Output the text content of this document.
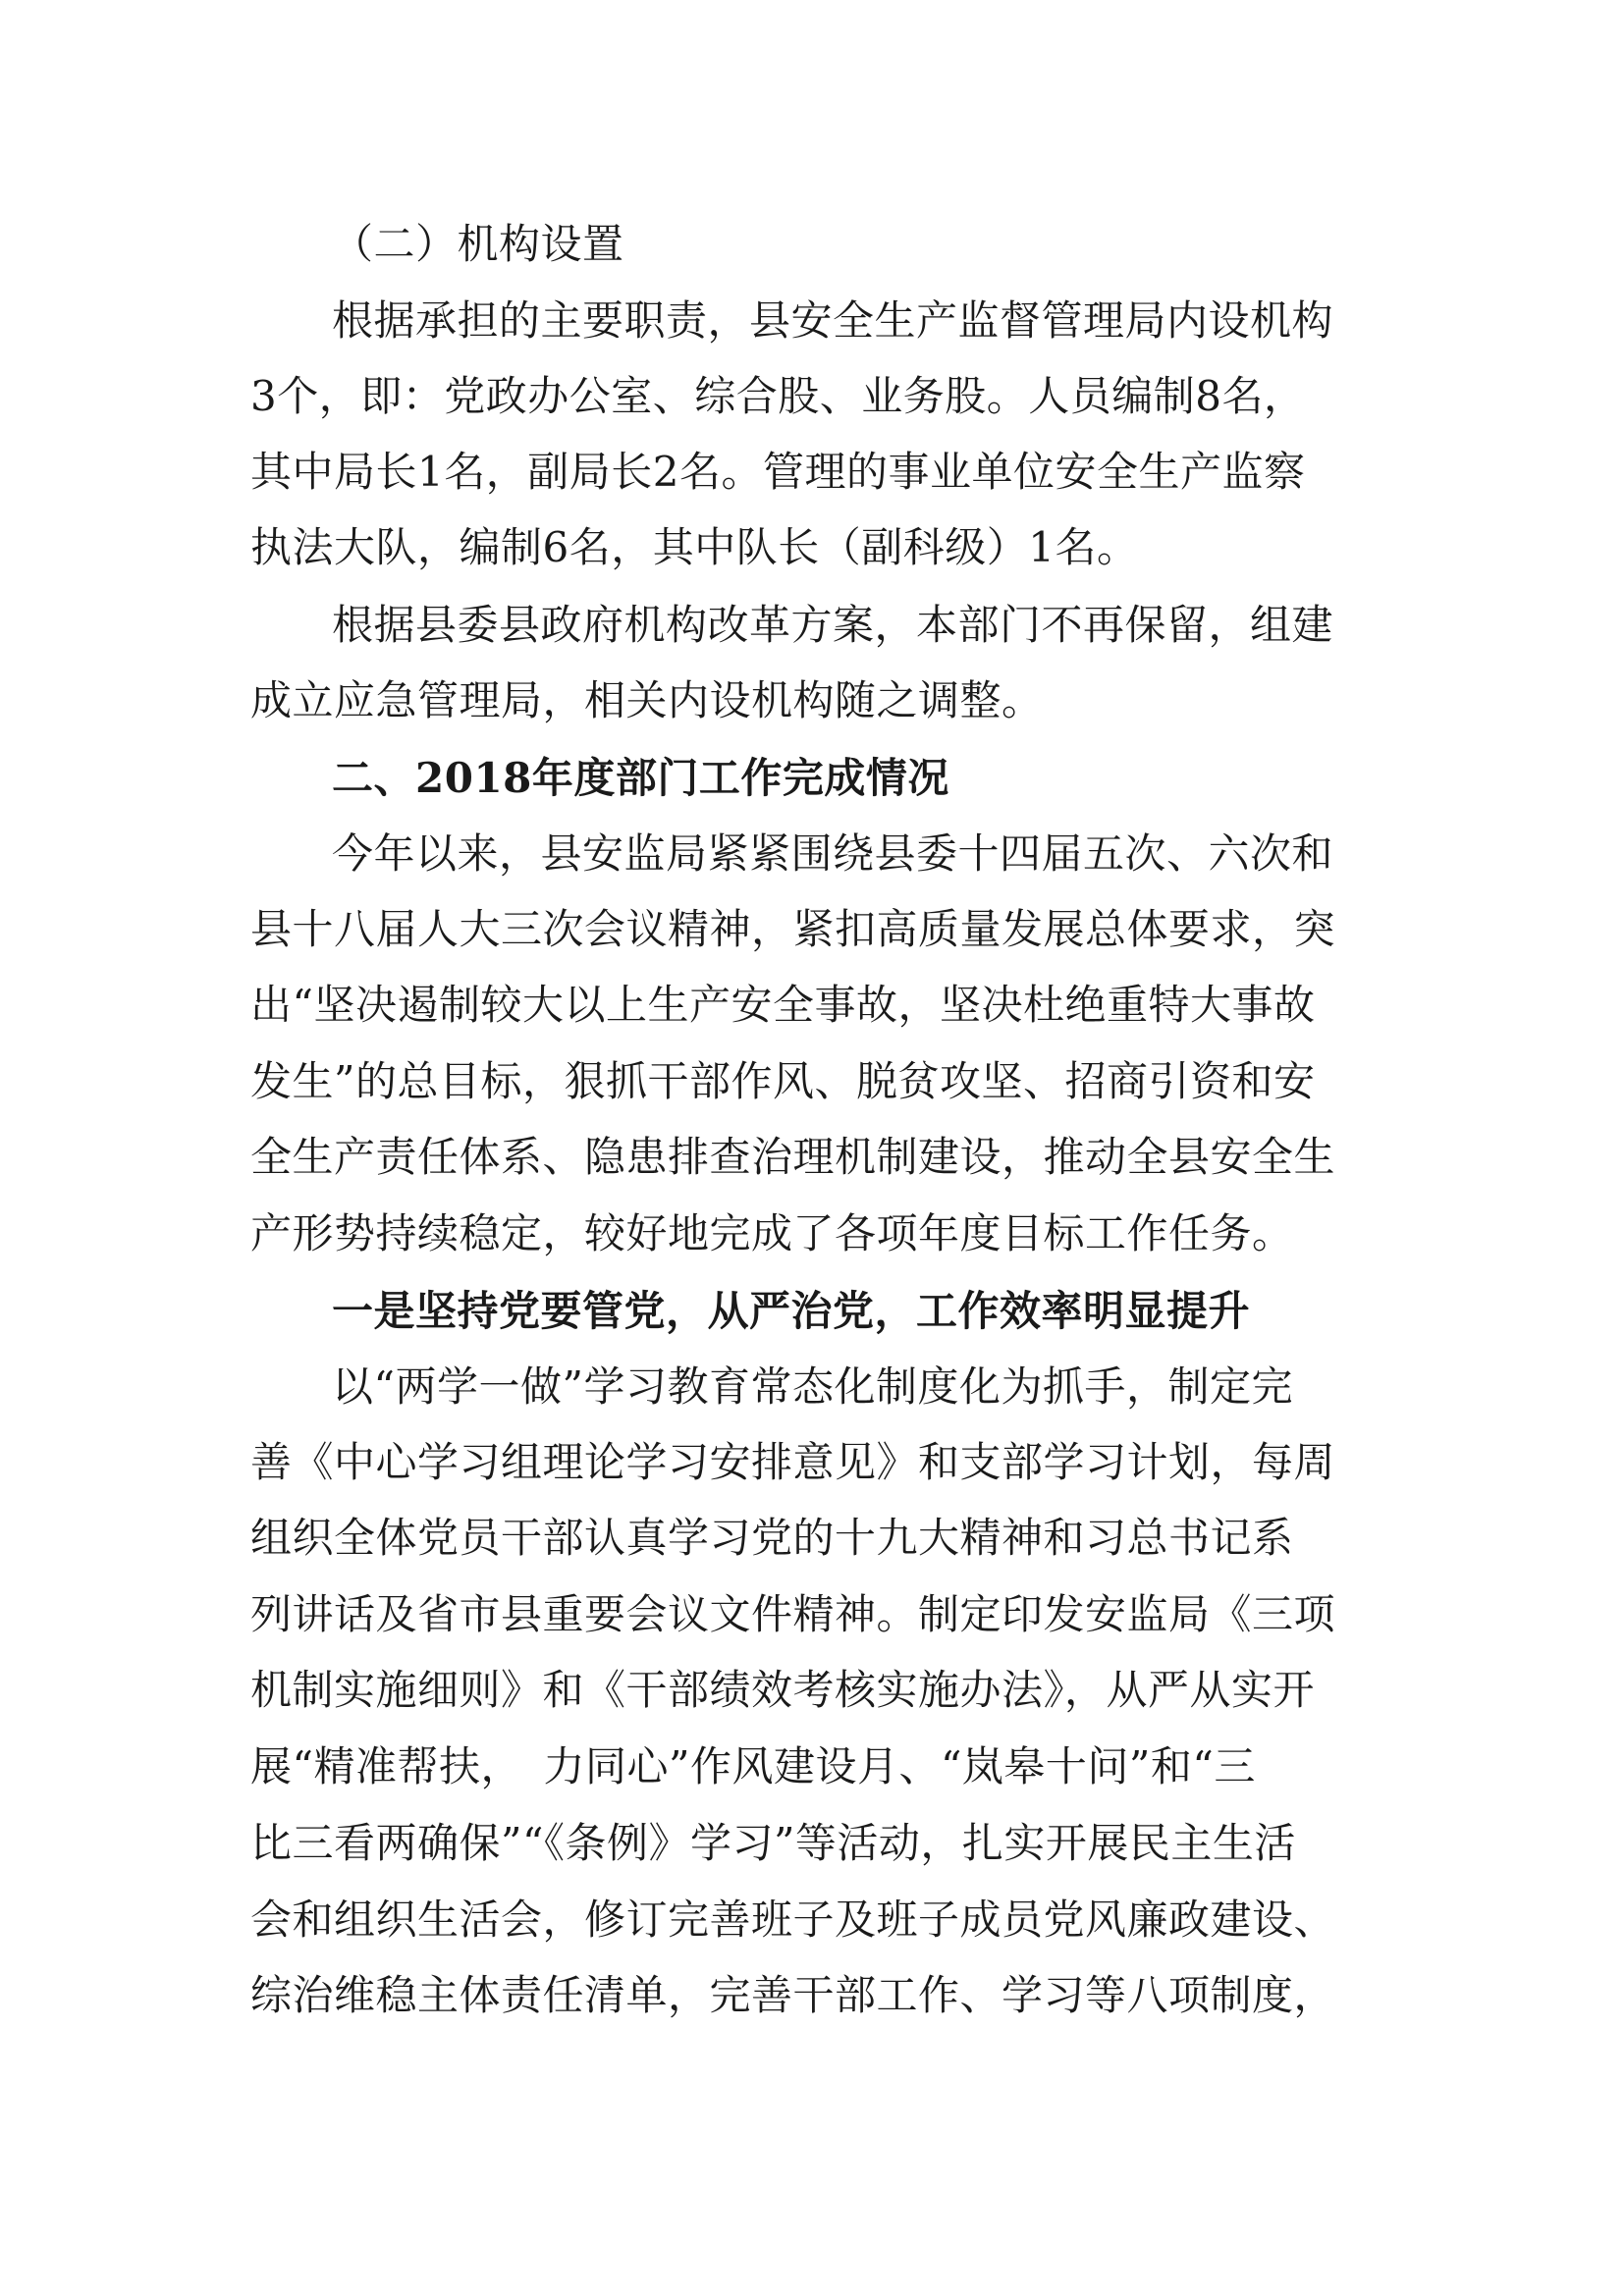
（二）机构设置
根据承担的主要职责，县安全生产监督管理局内设机构
3个，即：党政办公室、综合股、业务股。人员编制8名，
其中局长1名，副局长2名。管理的事业单位安全生产监察
执法大队，编制6名，其中队长（副科级）1名。
根据县委县政府机构改革方案，本部门不再保留，组建
成立应急管理局，相关内设机构随之调整。
二、2018年度部门工作完成情况
今年以来，县安监局紧紧围绕县委十四届五次、六次和
县十八届人大三次会议精神，紧扣高质量发展总体要求，突
出“坚决遏制较大以上生产安全事故，坚决杜绝重特大事故
发生”的总目标，狠抓干部作风、脱贫攻坚、招商引资和安
全生产责任体系、隐患排查治理机制建设，推动全县安全生
产形势持续稳定，较好地完成了各项年度目标工作任务。
一是坚持党要管党，从严治党，工作效率明显提升
以“两学一做”学习教育常态化制度化为抓手，制定完
善《中心学习组理论学习安排意见》和支部学习计划，每周
组织全体党员干部认真学习党的十九大精神和习总书记系
列讲话及省市县重要会议文件精神。制定印发安监局《三项
机制实施细则》和《干部绩效考核实施办法》，从严从实开
展“精准帮扶，　力同心”作风建设月、“岚皋十问”和“三
比三看两确保”“《条例》学习”等活动，扎实开展民主生活
会和组织生活会，修订完善班子及班子成员党风廉政建设、
综治维稳主体责任清单，完善干部工作、学习等八项制度，
